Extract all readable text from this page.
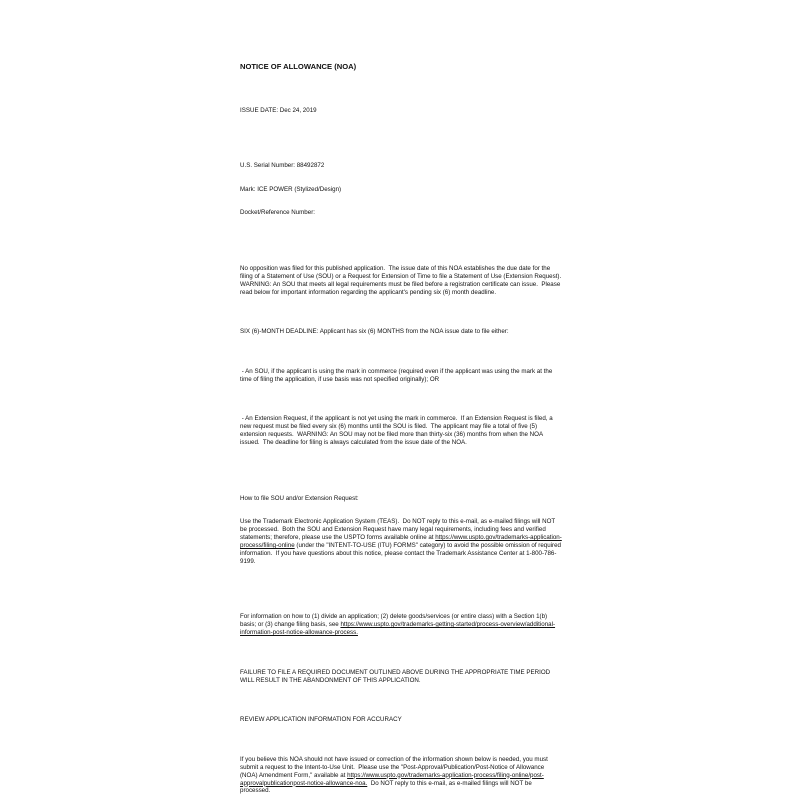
NOTICE OF ALLOWANCE (NOA)

ISSUE DATE: Dec 24, 2019

U.S. Serial Number: 88492872

Mark: ICE POWER (Stylized/Design)

Docket/Reference Number:

No opposition was filed for this published application.  The issue date of this NOA establishes the due date for the filing of a Statement of Use (SOU) or a Request for Extension of Time to file a Statement of Use (Extension Request).  WARNING: An SOU that meets all legal requirements must be filed before a registration certificate can issue.  Please read below for important information regarding the applicant's pending six (6) month deadline.

SIX (6)-MONTH DEADLINE: Applicant has six (6) MONTHS from the NOA issue date to file either:

- An SOU, if the applicant is using the mark in commerce (required even if the applicant was using the mark at the time of filing the application, if use basis was not specified originally); OR

- An Extension Request, if the applicant is not yet using the mark in commerce.  If an Extension Request is filed, a new request must be filed every six (6) months until the SOU is filed.  The applicant may file a total of five (5) extension requests.  WARNING: An SOU may not be filed more than thirty-six (36) months from when the NOA issued.  The deadline for filing is always calculated from the issue date of the NOA.

How to file SOU and/or Extension Request:

Use the Trademark Electronic Application System (TEAS).  Do NOT reply to this e-mail, as e-mailed filings will NOT be processed.  Both the SOU and Extension Request have many legal requirements, including fees and verified statements; therefore, please use the USPTO forms available online at https://www.uspto.gov/trademarks-application-process/filing-online (under the "INTENT-TO-USE (ITU) FORMS" category) to avoid the possible omission of required information.  If you have questions about this notice, please contact the Trademark Assistance Center at 1-800-786-9199.

For information on how to (1) divide an application; (2) delete goods/services (or entire class) with a Section 1(b) basis; or (3) change filing basis, see https://www.uspto.gov/trademarks-getting-started/process-overview/additional-information-post-notice-allowance-process.

FAILURE TO FILE A REQUIRED DOCUMENT OUTLINED ABOVE DURING THE APPROPRIATE TIME PERIOD WILL RESULT IN THE ABANDONMENT OF THIS APPLICATION.

REVIEW APPLICATION INFORMATION FOR ACCURACY

If you believe this NOA should not have issued or correction of the information shown below is needed, you must submit a request to the Intent-to-Use Unit.  Please use the "Post-Approval/Publication/Post-Notice of Allowance (NOA) Amendment Form," available at https://www.uspto.gov/trademarks-application-process/filing-online/post-approvalpublicationpost-notice-allowance-noa.  Do NOT reply to this e-mail, as e-mailed filings will NOT be processed.
